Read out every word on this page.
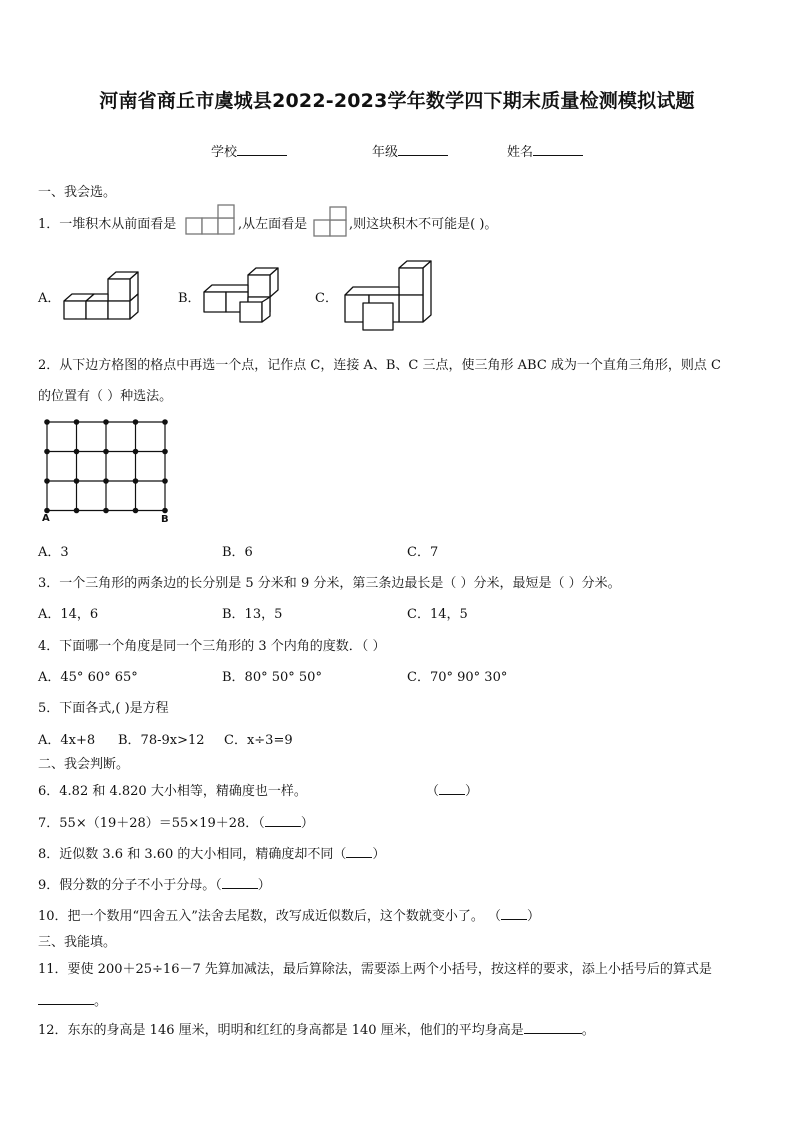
河南省商丘市虞城县2022-2023学年数学四下期末质量检测模拟试题
学校	年级	姓名
一、我会选。
1．一堆积木从前面看是	,从左面看是	,则这块积木不可能是( )。
A．	B．	C．
2．从下边方格图的格点中再选一个点，记作点 C，连接 A、B、C 三点，使三角形 ABC 成为一个直角三角形，则点 C
的位置有（ ）种选法。
A	B
A．3	B．6	C．7
3．一个三角形的两条边的长分别是 5 分米和 9 分米，第三条边最长是（ ）分米，最短是（ ）分米。
A．14，6	B．13，5	C．14，5
4．下面哪一个角度是同一个三角形的 3 个内角的度数．（ ）
A．45° 60° 65°	B．80° 50° 50°	C．70° 90° 30°
5．下面各式,( )是方程
A．4x+8 B．78-9x>12 C．x÷3=9
二、我会判断。
6．4.82 和 4.820 大小相等，精确度也一样。	（ ）
7．55×（19＋28）＝55×19＋28．（	）
8．近似数 3.6 和 3.60 的大小相同，精确度却不同（ ）
9．假分数的分子不小于分母。（	）
10．把一个数用“四舍五入”法舍去尾数，改写成近似数后，这个数就变小了。 （ ）
三、我能填。
11．要使 200＋25÷16－7 先算加减法，最后算除法，需要添上两个小括号，按这样的要求，添上小括号后的算式是
。
12．东东的身高是 146 厘米，明明和红红的身高都是 140 厘米，他们的平均身高是	。
